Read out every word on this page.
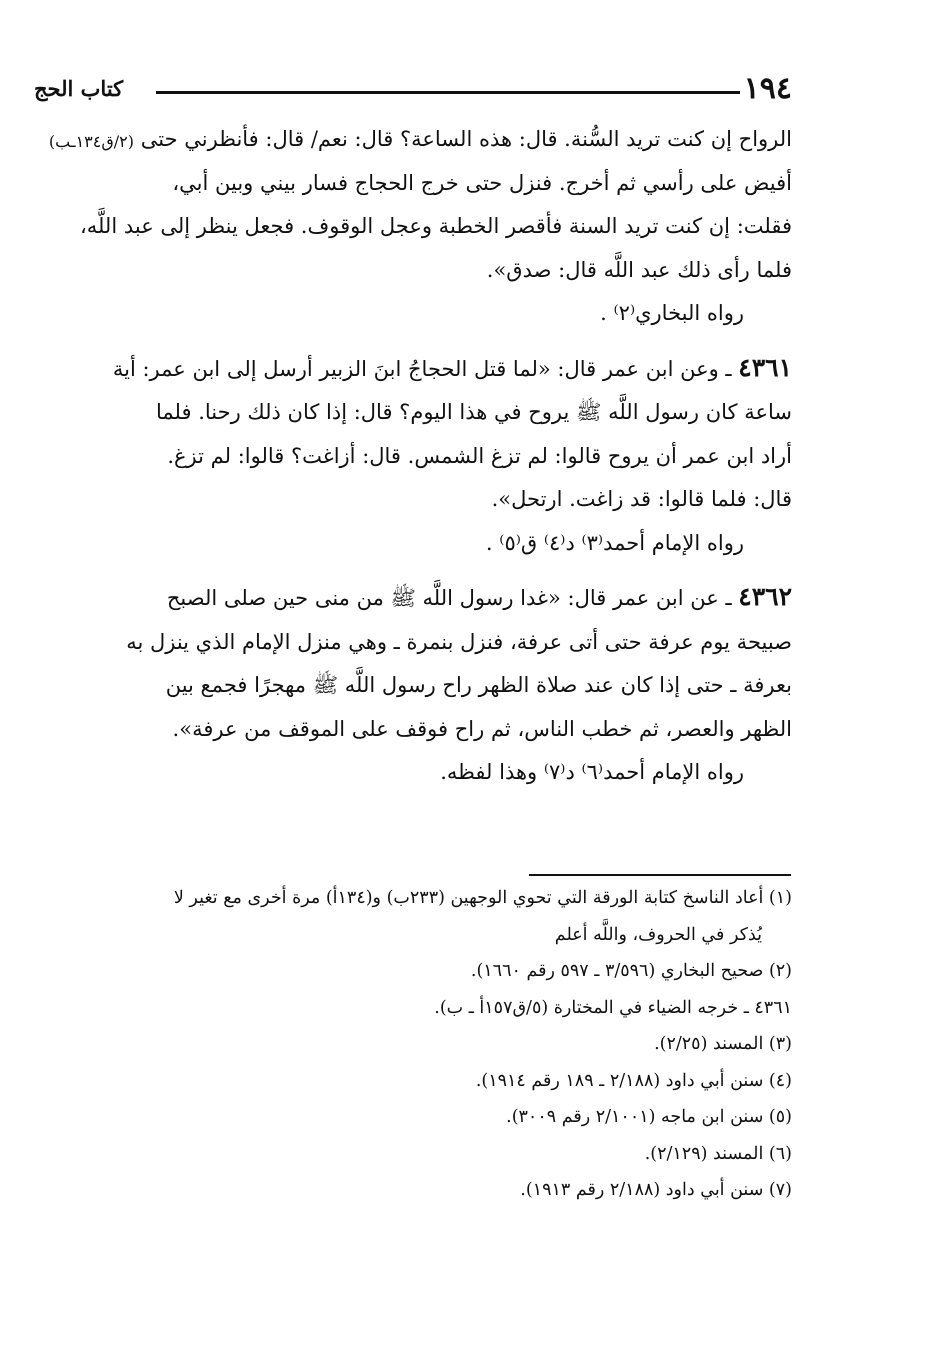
١٩٤
كتاب الحج
(٢/ق١٣٤ـب) الرواح إن كنت تريد السُّنة. قال: هذه الساعة؟ قال: نعم/ قال: فأنظرني حتى

أفيض على رأسي ثم أخرج. فنزل حتى خرج الحجاج فسار بيني وبين أبي،

فقلت: إن كنت تريد السنة فأقصر الخطبة وعجل الوقوف. فجعل ينظر إلى عبد اللَّه،

فلما رأى ذلك عبد اللَّه قال: صدق».

رواه البخاري⁽٢⁾ .

٤٣٦١ ـ وعن ابن عمر قال: «لما قتل الحجاجُ ابنَ الزبير أرسل إلى ابن عمر: أية

ساعة كان رسول اللَّه ﷺ يروح في هذا اليوم؟ قال: إذا كان ذلك رحنا. فلما

أراد ابن عمر أن يروح قالوا: لم تزغ الشمس. قال: أزاغت؟ قالوا: لم تزغ.

قال: فلما قالوا: قد زاغت. ارتحل».

رواه الإمام أحمد⁽٣⁾ د⁽٤⁾ ق⁽٥⁾ .

٤٣٦٢ ـ عن ابن عمر قال: «غدا رسول اللَّه ﷺ من منى حين صلى الصبح

صبيحة يوم عرفة حتى أتى عرفة، فنزل بنمرة ـ وهي منزل الإمام الذي ينزل به

بعرفة ـ حتى إذا كان عند صلاة الظهر راح رسول اللَّه ﷺ مهجرًا فجمع بين

الظهر والعصر، ثم خطب الناس، ثم راح فوقف على الموقف من عرفة».

رواه الإمام أحمد⁽٦⁾ د⁽٧⁾ وهذا لفظه.

(١) أعاد الناسخ كتابة الورقة التي تحوي الوجهين (٢٣٣ب) و(١٣٤أ) مرة أخرى مع تغير لا
يُذكر في الحروف، واللَّه أعلم
(٢) صحيح البخاري (٣/٥٩٦ ـ ٥٩٧ رقم ١٦٦٠).
٤٣٦١ ـ خرجه الضياء في المختارة (٥/ق١٥٧أ ـ ب).
(٣) المسند (٢/٢٥).
(٤) سنن أبي داود (٢/١٨٨ ـ ١٨٩ رقم ١٩١٤).
(٥) سنن ابن ماجه (٢/١٠٠١ رقم ٣٠٠٩).
(٦) المسند (٢/١٢٩).
(٧) سنن أبي داود (٢/١٨٨ رقم ١٩١٣).
